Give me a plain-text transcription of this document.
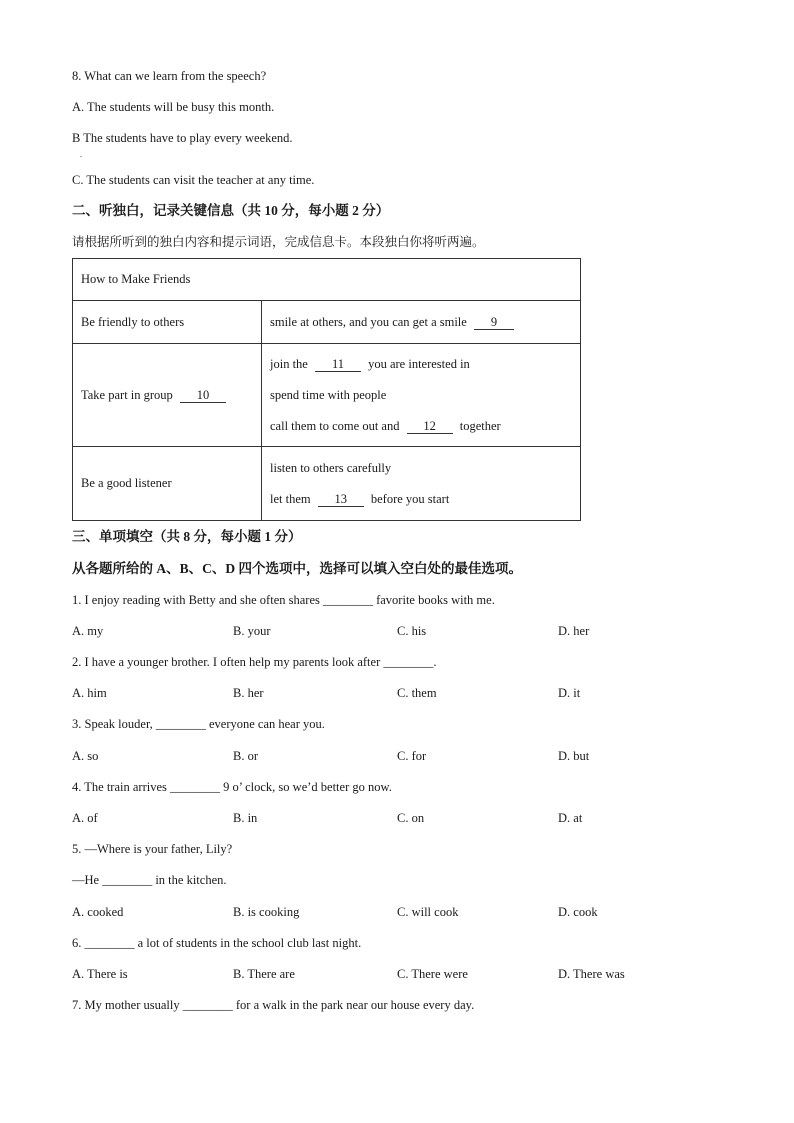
8. What can we learn from the speech?
A. The students will be busy this month.
B The students have to play every weekend.
.
C. The students can visit the teacher at any time.
二、听独白，记录关键信息（共 10 分，每小题 2 分）
请根据所听到的独白内容和提示词语，完成信息卡。本段独白你将听两遍。
How to Make Friends	
Be friendly to others	smile at others, and you can get a smile 9
Take part in group 10	join the 11 you are interested in
spend time with people
call them to come out and 12 together

Be a good listener	listen to others carefully
let them 13 before you start
三、单项填空（共 8 分，每小题 1 分）
从各题所给的 A、B、C、D 四个选项中，选择可以填入空白处的最佳选项。
1. I enjoy reading with Betty and she often shares ________ favorite books with me.
A. my	B. your	C. his	D. her
2. I have a younger brother. I often help my parents look after ________.
A. him	B. her	C. them	D. it
3. Speak louder, ________ everyone can hear you.
A. so	B. or	C. for	D. but
4. The train arrives ________ 9 o’ clock, so we’d better go now.
A. of	B. in	C. on	D. at
5. —Where is your father, Lily?
—He ________ in the kitchen.
A. cooked	B. is cooking	C. will cook	D. cook
6. ________ a lot of students in the school club last night.
A. There is	B. There are	C. There were	D. There was
7. My mother usually ________ for a walk in the park near our house every day.
